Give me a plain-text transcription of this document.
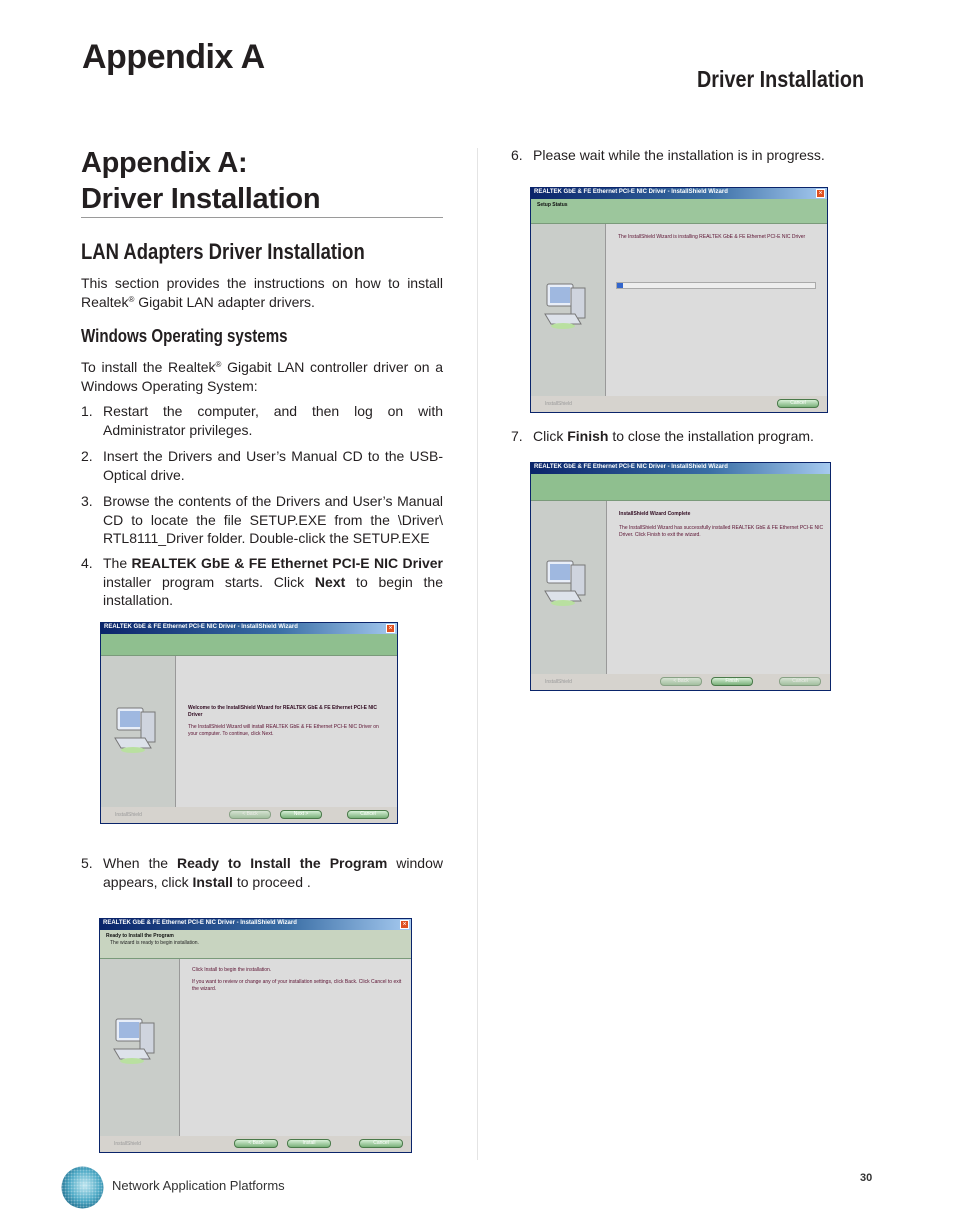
Appendix A
Driver Installation
Appendix A:
Driver Installation
LAN Adapters Driver Installation
This section provides the instructions on how to install Realtek® Gigabit LAN adapter drivers.
Windows Operating systems
To install the Realtek® Gigabit LAN controller driver on a Windows Operating System:
1. Restart the computer, and then log on with Administrator privileges.
2. Insert the Drivers and User’s Manual CD to the USB-Optical drive.
3. Browse the contents of the Drivers and User’s Manual CD to locate the file SETUP.EXE from the \Driver\ RTL8111_Driver folder. Double-click the SETUP.EXE
4. The REALTEK GbE & FE Ethernet PCI-E NIC Driver installer program starts. Click Next to begin the installation.
REALTEK GbE & FE Ethernet PCI-E NIC Driver - InstallShield Wizard	×
Welcome to the InstallShield Wizard for REALTEK GbE & FE Ethernet PCI-E NIC Driver
The InstallShield Wizard will install REALTEK GbE & FE Ethernet PCI-E NIC Driver on your computer. To continue, click Next.
InstallShield	< Back	Next >	Cancel
5. When the Ready to Install the Program window appears, click Install to proceed .
REALTEK GbE & FE Ethernet PCI-E NIC Driver - InstallShield Wizard	×
Ready to Install the Program
The wizard is ready to begin installation.
Click Install to begin the installation.
If you want to review or change any of your installation settings, click Back. Click Cancel to exit the wizard.
InstallShield	< Back	Install	Cancel
6. Please wait while the installation is in progress.
REALTEK GbE & FE Ethernet PCI-E NIC Driver - InstallShield Wizard	×
Setup Status
The InstallShield Wizard is installing REALTEK GbE & FE Ethernet PCI-E NIC Driver
InstallShield	Cancel
7. Click Finish to close the installation program.
REALTEK GbE & FE Ethernet PCI-E NIC Driver - InstallShield Wizard
InstallShield Wizard Complete
The InstallShield Wizard has successfully installed REALTEK GbE & FE Ethernet PCI-E NIC Driver. Click Finish to exit the wizard.
InstallShield	< Back	Finish	Cancel
Network Application Platforms	30
